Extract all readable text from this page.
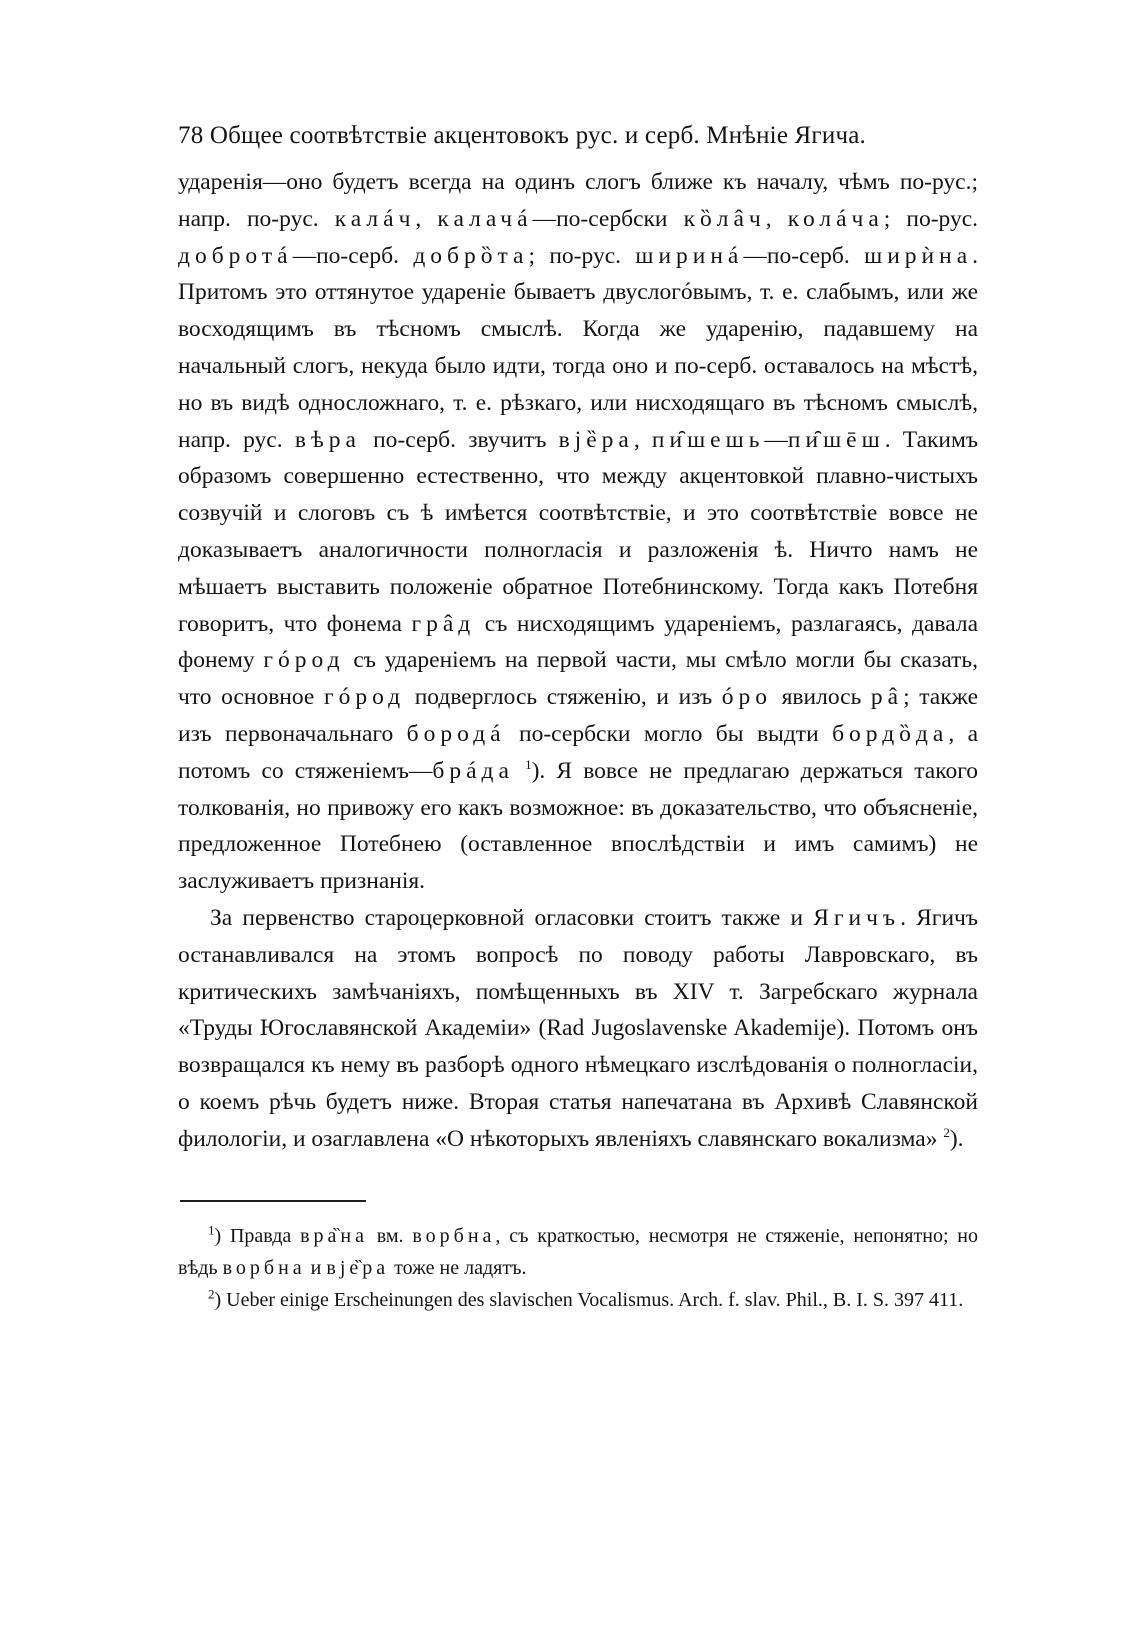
78 Общее соотвѣтствіе акцентовокъ рус. и серб. Мнѣніе Ягича.

ударенія—оно будетъ всегда на одинъ слогъ ближе къ началу, чѣмъ по-рус.; напр. по-рус. калáч, калачá—по-сербски кȍлâч, колáча; по-рус. добротá—по-серб. добрȍта; по-рус. ширинá—по-серб. ширѝна. Притомъ это оттянутое удареніе бываетъ двуслогóвымъ, т. е. слабымъ, или же восходящимъ въ тѣсномъ смыслѣ. Когда же ударенію, падавшему на начальный слогъ, некуда было идти, тогда оно и по-серб. оставалось на мѣстѣ, но въ видѣ односложнаго, т. е. рѣзкаго, или нисходящаго въ тѣсномъ смыслѣ, напр. рус. вѣра по-серб. звучитъ вјȅра, пи̑шешь—пи̑шēш. Такимъ образомъ совершенно естественно, что между акцентовкой плавно-чистыхъ созвучій и слоговъ съ ѣ имѣется соотвѣтствіе, и это соотвѣтствіе вовсе не доказываетъ аналогичности полногласія и разложенія ѣ. Ничто намъ не мѣшаетъ выставить положеніе обратное Потебнинскому. Тогда какъ Потебня говоритъ, что фонема грâд съ нисходящимъ удареніемъ, разлагаясь, давала фонему гóрод съ удареніемъ на первой части, мы смѣло могли бы сказать, что основное гóрод подверглось стяженію, и изъ óро явилось рâ; также изъ первоначальнаго бородá по-сербски могло бы выдти бордȍда, а потомъ со стяженіемъ—брáда $^1$). Я вовсе не предлагаю держаться такого толкованія, но привожу его какъ возможное: въ доказательство, что объясненіе, предложенное Потебнею (оставленное впослѣдствіи и имъ самимъ) не заслуживаетъ признанія.

За первенство староцерковной огласовки стоитъ также и Ягичъ. Ягичъ останавливался на этомъ вопросѣ по поводу работы Лавровскаго, въ критическихъ замѣчаніяхъ, помѣщенныхъ въ XIV т. Загребскаго журнала «Труды Югославянской Академіи» (Rad Jugoslavenske Akademije). Потомъ онъ возвращался къ нему въ разборѣ одного нѣмецкаго изслѣдованія о полногласіи, о коемъ рѣчь будетъ ниже. Вторая статья напечатана въ Архивѣ Славянской филологіи, и озаглавлена «О нѣкоторыхъ явленіяхъ славянскаго вокализма» $^2$).

$^1$) Правда вра̏на вм. ворбна, съ краткостью, несмотря не стяженіе, непонятно; но вѣдь ворбна и вје̏ра тоже не ладятъ.

$^2$) Ueber einige Erscheinungen des slavischen Vocalismus. Arch. f. slav. Phil., B. I. S. 397 411.
